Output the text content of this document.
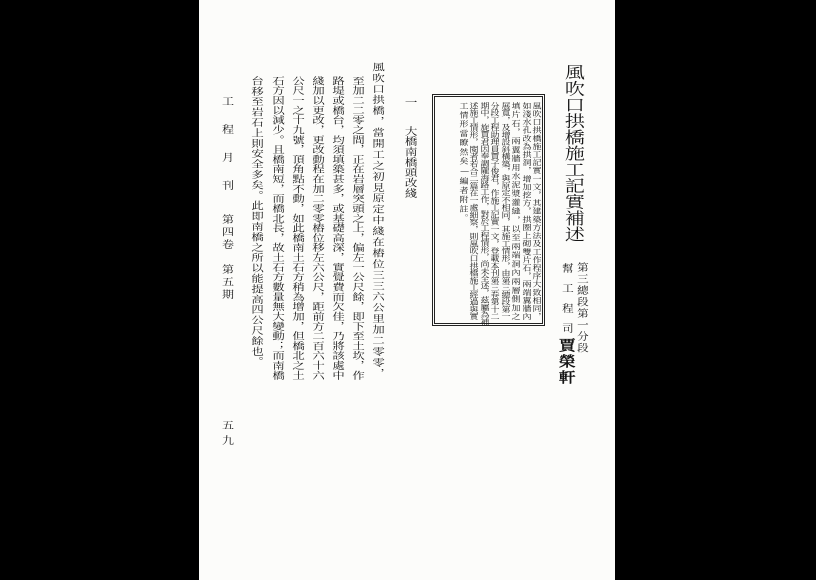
風吹口拱橋施工記實補述
第三總段第一分段
幫工程司
賈榮軒
風吹口拱橋施工記實一文，其建築方法及工作程序大致相同，
如淺水孔改為拱洞，增加挖方，拱圈上砌雙片石，兩端翼牆內
填片石，兩翼牆用水泥漿灌縫，以至兩端洞內兩層側加之
展寬，及增設斜構築，與原定不相同，其施工情形，由第三總段第一
分段工程助理員賈子俊君，作施工記實一文，登載本刊第三卷第十二
期中，旋賈君因奉調隴海路工作，對於工程情形，尚未全述，茲屬為補
述施工情形，閱者若合二篇在一處細察，則風吹口拱橋施工經過與實
工情形當瞭然矣—編者附註。
一
大橋南橋頭改綫
風吹口拱橋，當開工之初見原定中綫在樁位三三六公里加二零零，
至加二二零之間，正在岩層突頭之上，偏左一公尺餘，即下至土坎，作
路堤或橋台，均須填築甚多，或基礎高深，實覺費而欠佳，乃將該處中
綫加以更改，更改動程在加二零零樁位移左六公尺，距前方二百六十六
公尺一之十九號，頂角點不動，如此橋南土石方稍為增加，但橋北之土
石方因以減少。且橋南短，而橋北長，故土石方數量無大變動；而南橋
台移至岩石上則安全多矣。此即南橋之所以能提高四公尺餘也。
工程月刊
第四卷
第五期
五九
